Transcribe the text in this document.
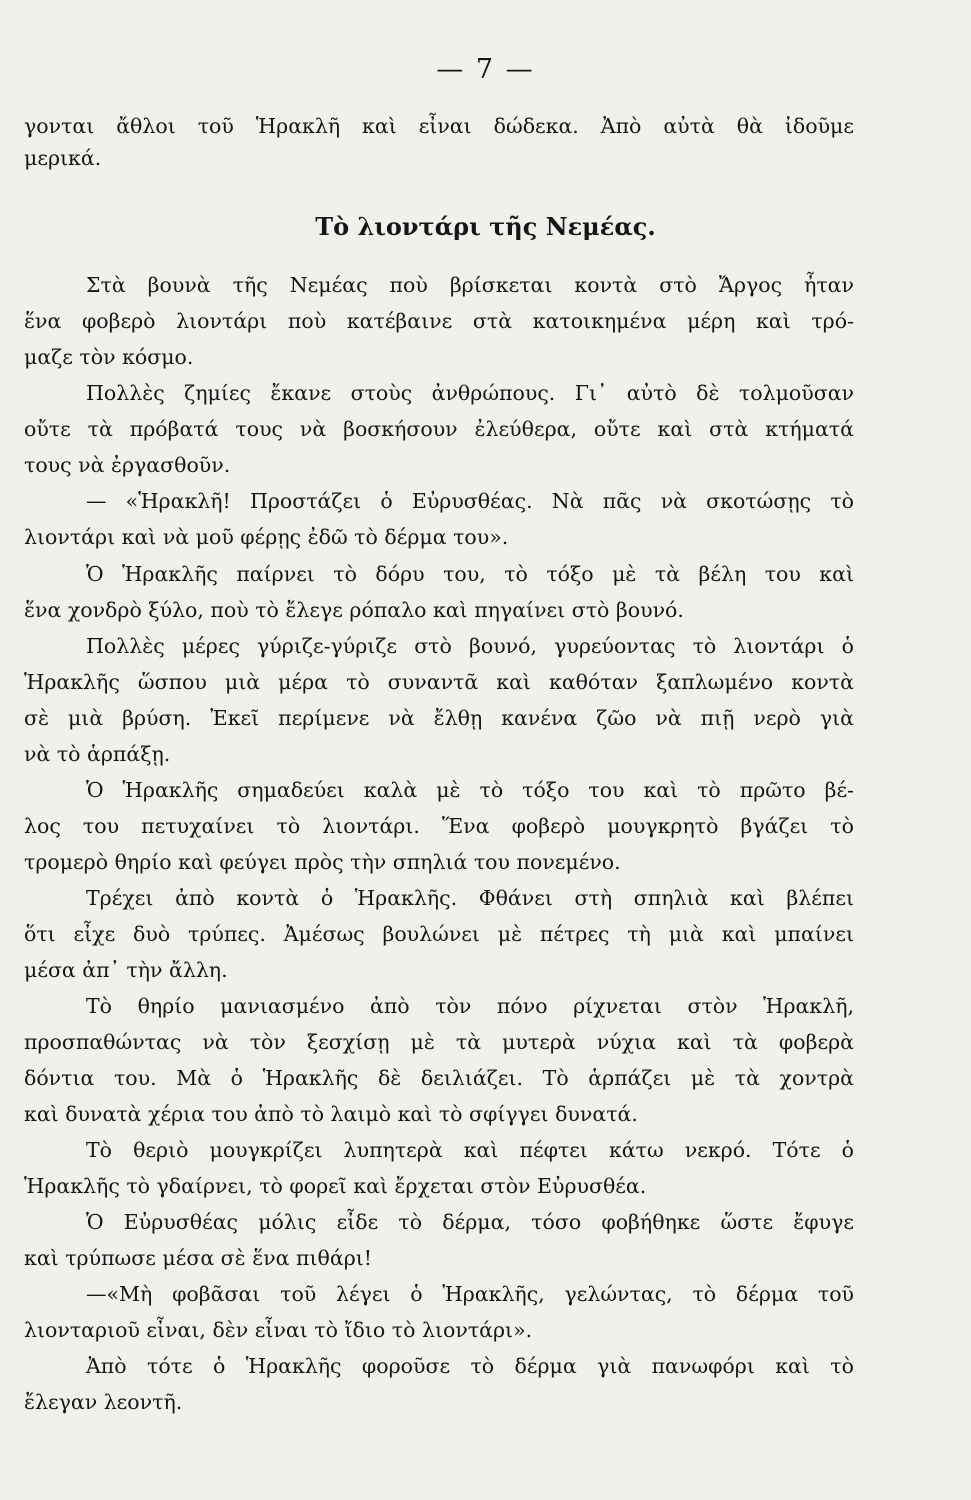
— 7 —
γονται ἄθλοι τοῦ Ἡρακλῆ καὶ εἶναι δώδεκα. Ἀπὸ αὐτὰ θὰ ἰδοῦμε
μερικά.
Τὸ λιοντάρι τῆς Νεμέας.
Στὰ βουνὰ τῆς Νεμέας ποὺ βρίσκεται κοντὰ στὸ Ἄργος ἦταν
ἕνα φοβερὸ λιοντάρι ποὺ κατέβαινε στὰ κατοικημένα μέρη καὶ τρό-
μαζε τὸν κόσμο.
Πολλὲς ζημίες ἔκανε στοὺς ἀνθρώπους. Γι᾿ αὐτὸ δὲ τολμοῦσαν
οὔτε τὰ πρόβατά τους νὰ βοσκήσουν ἐλεύθερα, οὔτε καὶ στὰ κτήματά
τους νὰ ἐργασθοῦν.
— «Ἡρακλῆ! Προστάζει ὁ Εὐρυσθέας. Νὰ πᾶς νὰ σκοτώσῃς τὸ
λιοντάρι καὶ νὰ μοῦ φέρῃς ἐδῶ τὸ δέρμα του».
Ὁ Ἡρακλῆς παίρνει τὸ δόρυ του, τὸ τόξο μὲ τὰ βέλη του καὶ
ἕνα χονδρὸ ξύλο, ποὺ τὸ ἔλεγε ρόπαλο καὶ πηγαίνει στὸ βουνό.
Πολλὲς μέρες γύριζε-γύριζε στὸ βουνό, γυρεύοντας τὸ λιοντάρι ὁ
Ἡρακλῆς ὥσπου μιὰ μέρα τὸ συναντᾶ καὶ καθόταν ξαπλωμένο κοντὰ
σὲ μιὰ βρύση. Ἐκεῖ περίμενε νὰ ἔλθῃ κανένα ζῶο νὰ πιῇ νερὸ γιὰ
νὰ τὸ ἁρπάξῃ.
Ὁ Ἡρακλῆς σημαδεύει καλὰ μὲ τὸ τόξο του καὶ τὸ πρῶτο βέ-
λος του πετυχαίνει τὸ λιοντάρι. Ἕνα φοβερὸ μουγκρητὸ βγάζει τὸ
τρομερὸ θηρίο καὶ φεύγει πρὸς τὴν σπηλιά του πονεμένο.
Τρέχει ἀπὸ κοντὰ ὁ Ἡρακλῆς. Φθάνει στὴ σπηλιὰ καὶ βλέπει
ὅτι εἶχε δυὸ τρύπες. Ἀμέσως βουλώνει μὲ πέτρες τὴ μιὰ καὶ μπαίνει
μέσα ἀπ᾿ τὴν ἄλλη.
Τὸ θηρίο μανιασμένο ἀπὸ τὸν πόνο ρίχνεται στὸν Ἡρακλῆ,
προσπαθώντας νὰ τὸν ξεσχίσῃ μὲ τὰ μυτερὰ νύχια καὶ τὰ φοβερὰ
δόντια του. Μὰ ὁ Ἡρακλῆς δὲ δειλιάζει. Τὸ ἁρπάζει μὲ τὰ χοντρὰ
καὶ δυνατὰ χέρια του ἀπὸ τὸ λαιμὸ καὶ τὸ σφίγγει δυνατά.
Τὸ θεριὸ μουγκρίζει λυπητερὰ καὶ πέφτει κάτω νεκρό. Τότε ὁ
Ἡρακλῆς τὸ γδαίρνει, τὸ φορεῖ καὶ ἔρχεται στὸν Εὐρυσθέα.
Ὁ Εὐρυσθέας μόλις εἶδε τὸ δέρμα, τόσο φοβήθηκε ὥστε ἔφυγε
καὶ τρύπωσε μέσα σὲ ἕνα πιθάρι!
—«Μὴ φοβᾶσαι τοῦ λέγει ὁ Ἡρακλῆς, γελώντας, τὸ δέρμα τοῦ
λιονταριοῦ εἶναι, δὲν εἶναι τὸ ἴδιο τὸ λιοντάρι».
Ἀπὸ τότε ὁ Ἡρακλῆς φοροῦσε τὸ δέρμα γιὰ πανωφόρι καὶ τὸ
ἔλεγαν λεοντῆ.
